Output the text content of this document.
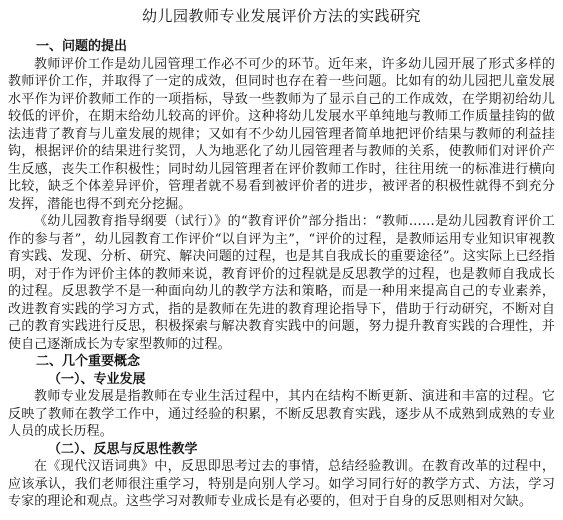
幼儿园教师专业发展评价方法的实践研究
一、问题的提出

教师评价工作是幼儿园管理工作必不可少的环节。近年来，许多幼儿园开展了形式多样的教师评价工作，并取得了一定的成效，但同时也存在着一些问题。比如有的幼儿园把儿童发展水平作为评价教师工作的一项指标，导致一些教师为了显示自己的工作成效，在学期初给幼儿较低的评价，在期末给幼儿较高的评价。这种将幼儿发展水平单纯地与教师工作质量挂钩的做法违背了教育与儿童发展的规律；又如有不少幼儿园管理者简单地把评价结果与教师的利益挂钩，根据评价的结果进行奖罚，人为地恶化了幼儿园管理者与教师的关系，使教师们对评价产生反感，丧失工作积极性；同时幼儿园管理者在评价教师工作时，往往用统一的标准进行横向比较，缺乏个体差异评价，管理者就不易看到被评价者的进步，被评者的积极性就得不到充分发挥，潜能也得不到充分挖掘。

《幼儿园教育指导纲要（试行）》的“教育评价”部分指出：“教师……是幼儿园教育评价工作的参与者”，幼儿园教育工作评价“以自评为主”，“评价的过程，是教师运用专业知识审视教育实践、发现、分析、研究、解决问题的过程，也是其自我成长的重要途径”。这实际上已经指明，对于作为评价主体的教师来说，教育评价的过程就是反思教学的过程，也是教师自我成长的过程。反思教学不是一种面向幼儿的教学方法和策略，而是一种用来提高自己的专业素养，改进教育实践的学习方式，指的是教师在先进的教育理论指导下，借助于行动研究，不断对自己的教育实践进行反思，积极探索与解决教育实践中的问题，努力提升教育实践的合理性，并使自己逐渐成长为专家型教师的过程。

二、几个重要概念
（一）、专业发展

教师专业发展是指教师在专业生活过程中，其内在结构不断更新、演进和丰富的过程。它反映了教师在教学工作中，通过经验的积累，不断反思教育实践，逐步从不成熟到成熟的专业人员的成长历程。

（二）、反思与反思性教学

在《现代汉语词典》中，反思即思考过去的事情，总结经验教训。在教育改革的过程中，应该承认，我们老师很注重学习，特别是向别人学习。如学习同行好的教学方式、方法，学习专家的理论和观点。这些学习对教师专业成长是有必要的，但对于自身的反思则相对欠缺。
